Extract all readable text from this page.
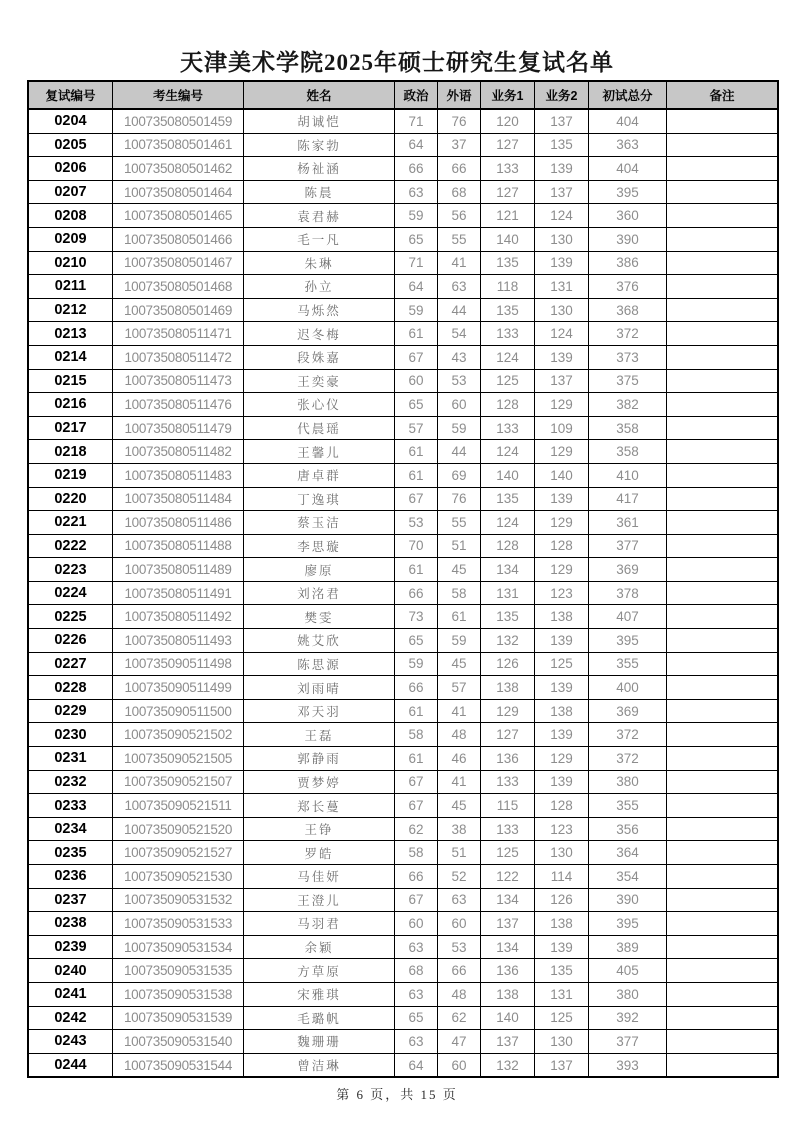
天津美术学院2025年硕士研究生复试名单
复试编号	考生编号	姓名	政治	外语	业务1	业务2	初试总分	备注
0204	100735080501459	胡诚恺	71	76	120	137	404	
0205	100735080501461	陈家勃	64	37	127	135	363	
0206	100735080501462	杨祉涵	66	66	133	139	404	
0207	100735080501464	陈晨	63	68	127	137	395	
0208	100735080501465	袁君赫	59	56	121	124	360	
0209	100735080501466	毛一凡	65	55	140	130	390	
0210	100735080501467	朱琳	71	41	135	139	386	
0211	100735080501468	孙立	64	63	118	131	376	
0212	100735080501469	马烁然	59	44	135	130	368	
0213	100735080511471	迟冬梅	61	54	133	124	372	
0214	100735080511472	段姝嘉	67	43	124	139	373	
0215	100735080511473	王奕豪	60	53	125	137	375	
0216	100735080511476	张心仪	65	60	128	129	382	
0217	100735080511479	代晨瑶	57	59	133	109	358	
0218	100735080511482	王馨儿	61	44	124	129	358	
0219	100735080511483	唐卓群	61	69	140	140	410	
0220	100735080511484	丁逸琪	67	76	135	139	417	
0221	100735080511486	蔡玉洁	53	55	124	129	361	
0222	100735080511488	李思璇	70	51	128	128	377	
0223	100735080511489	廖原	61	45	134	129	369	
0224	100735080511491	刘洺君	66	58	131	123	378	
0225	100735080511492	樊雯	73	61	135	138	407	
0226	100735080511493	姚艾欣	65	59	132	139	395	
0227	100735090511498	陈思源	59	45	126	125	355	
0228	100735090511499	刘雨晴	66	57	138	139	400	
0229	100735090511500	邓天羽	61	41	129	138	369	
0230	100735090521502	王磊	58	48	127	139	372	
0231	100735090521505	郭静雨	61	46	136	129	372	
0232	100735090521507	贾梦婷	67	41	133	139	380	
0233	100735090521511	郑长蔓	67	45	115	128	355	
0234	100735090521520	王铮	62	38	133	123	356	
0235	100735090521527	罗皓	58	51	125	130	364	
0236	100735090521530	马佳妍	66	52	122	114	354	
0237	100735090531532	王澄儿	67	63	134	126	390	
0238	100735090531533	马羽君	60	60	137	138	395	
0239	100735090531534	余颖	63	53	134	139	389	
0240	100735090531535	方草原	68	66	136	135	405	
0241	100735090531538	宋雅琪	63	48	138	131	380	
0242	100735090531539	毛璐帆	65	62	140	125	392	
0243	100735090531540	魏珊珊	63	47	137	130	377	
0244	100735090531544	曾洁琳	64	60	132	137	393	
第 6 页，共 15 页
